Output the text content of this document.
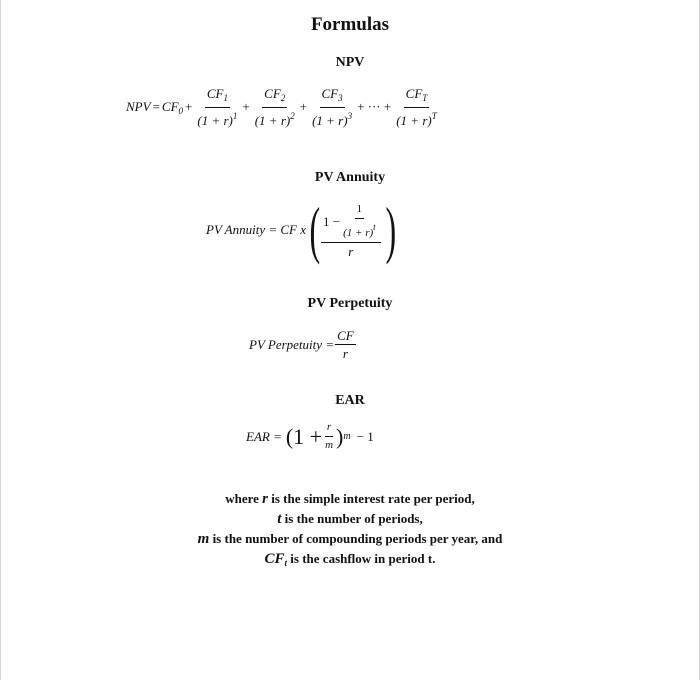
Formulas
NPV
NPV = $CF_0 + \frac{CF_1}{(1 + r)^1} + \frac{CF_2}{(1 + r)^2} + \frac{CF_3}{(1 + r)^3}$ + ··· + $\frac{CF_T}{(1 + r)^T}$
PV Annuity
PV Annuity = CF x ( $\frac{1 - \frac{1}{(1 + r)^t}}{r}$ )
PV Perpetuity
PV Perpetuity = $\frac{CF}{r}$
EAR
EAR = ($1 + \frac{r}{m}$ ) m − 1
where r is the simple interest rate per period,
t is the number of periods,
m is the number of compounding periods per year, and
$CF_t$ is the cashflow in period t.
